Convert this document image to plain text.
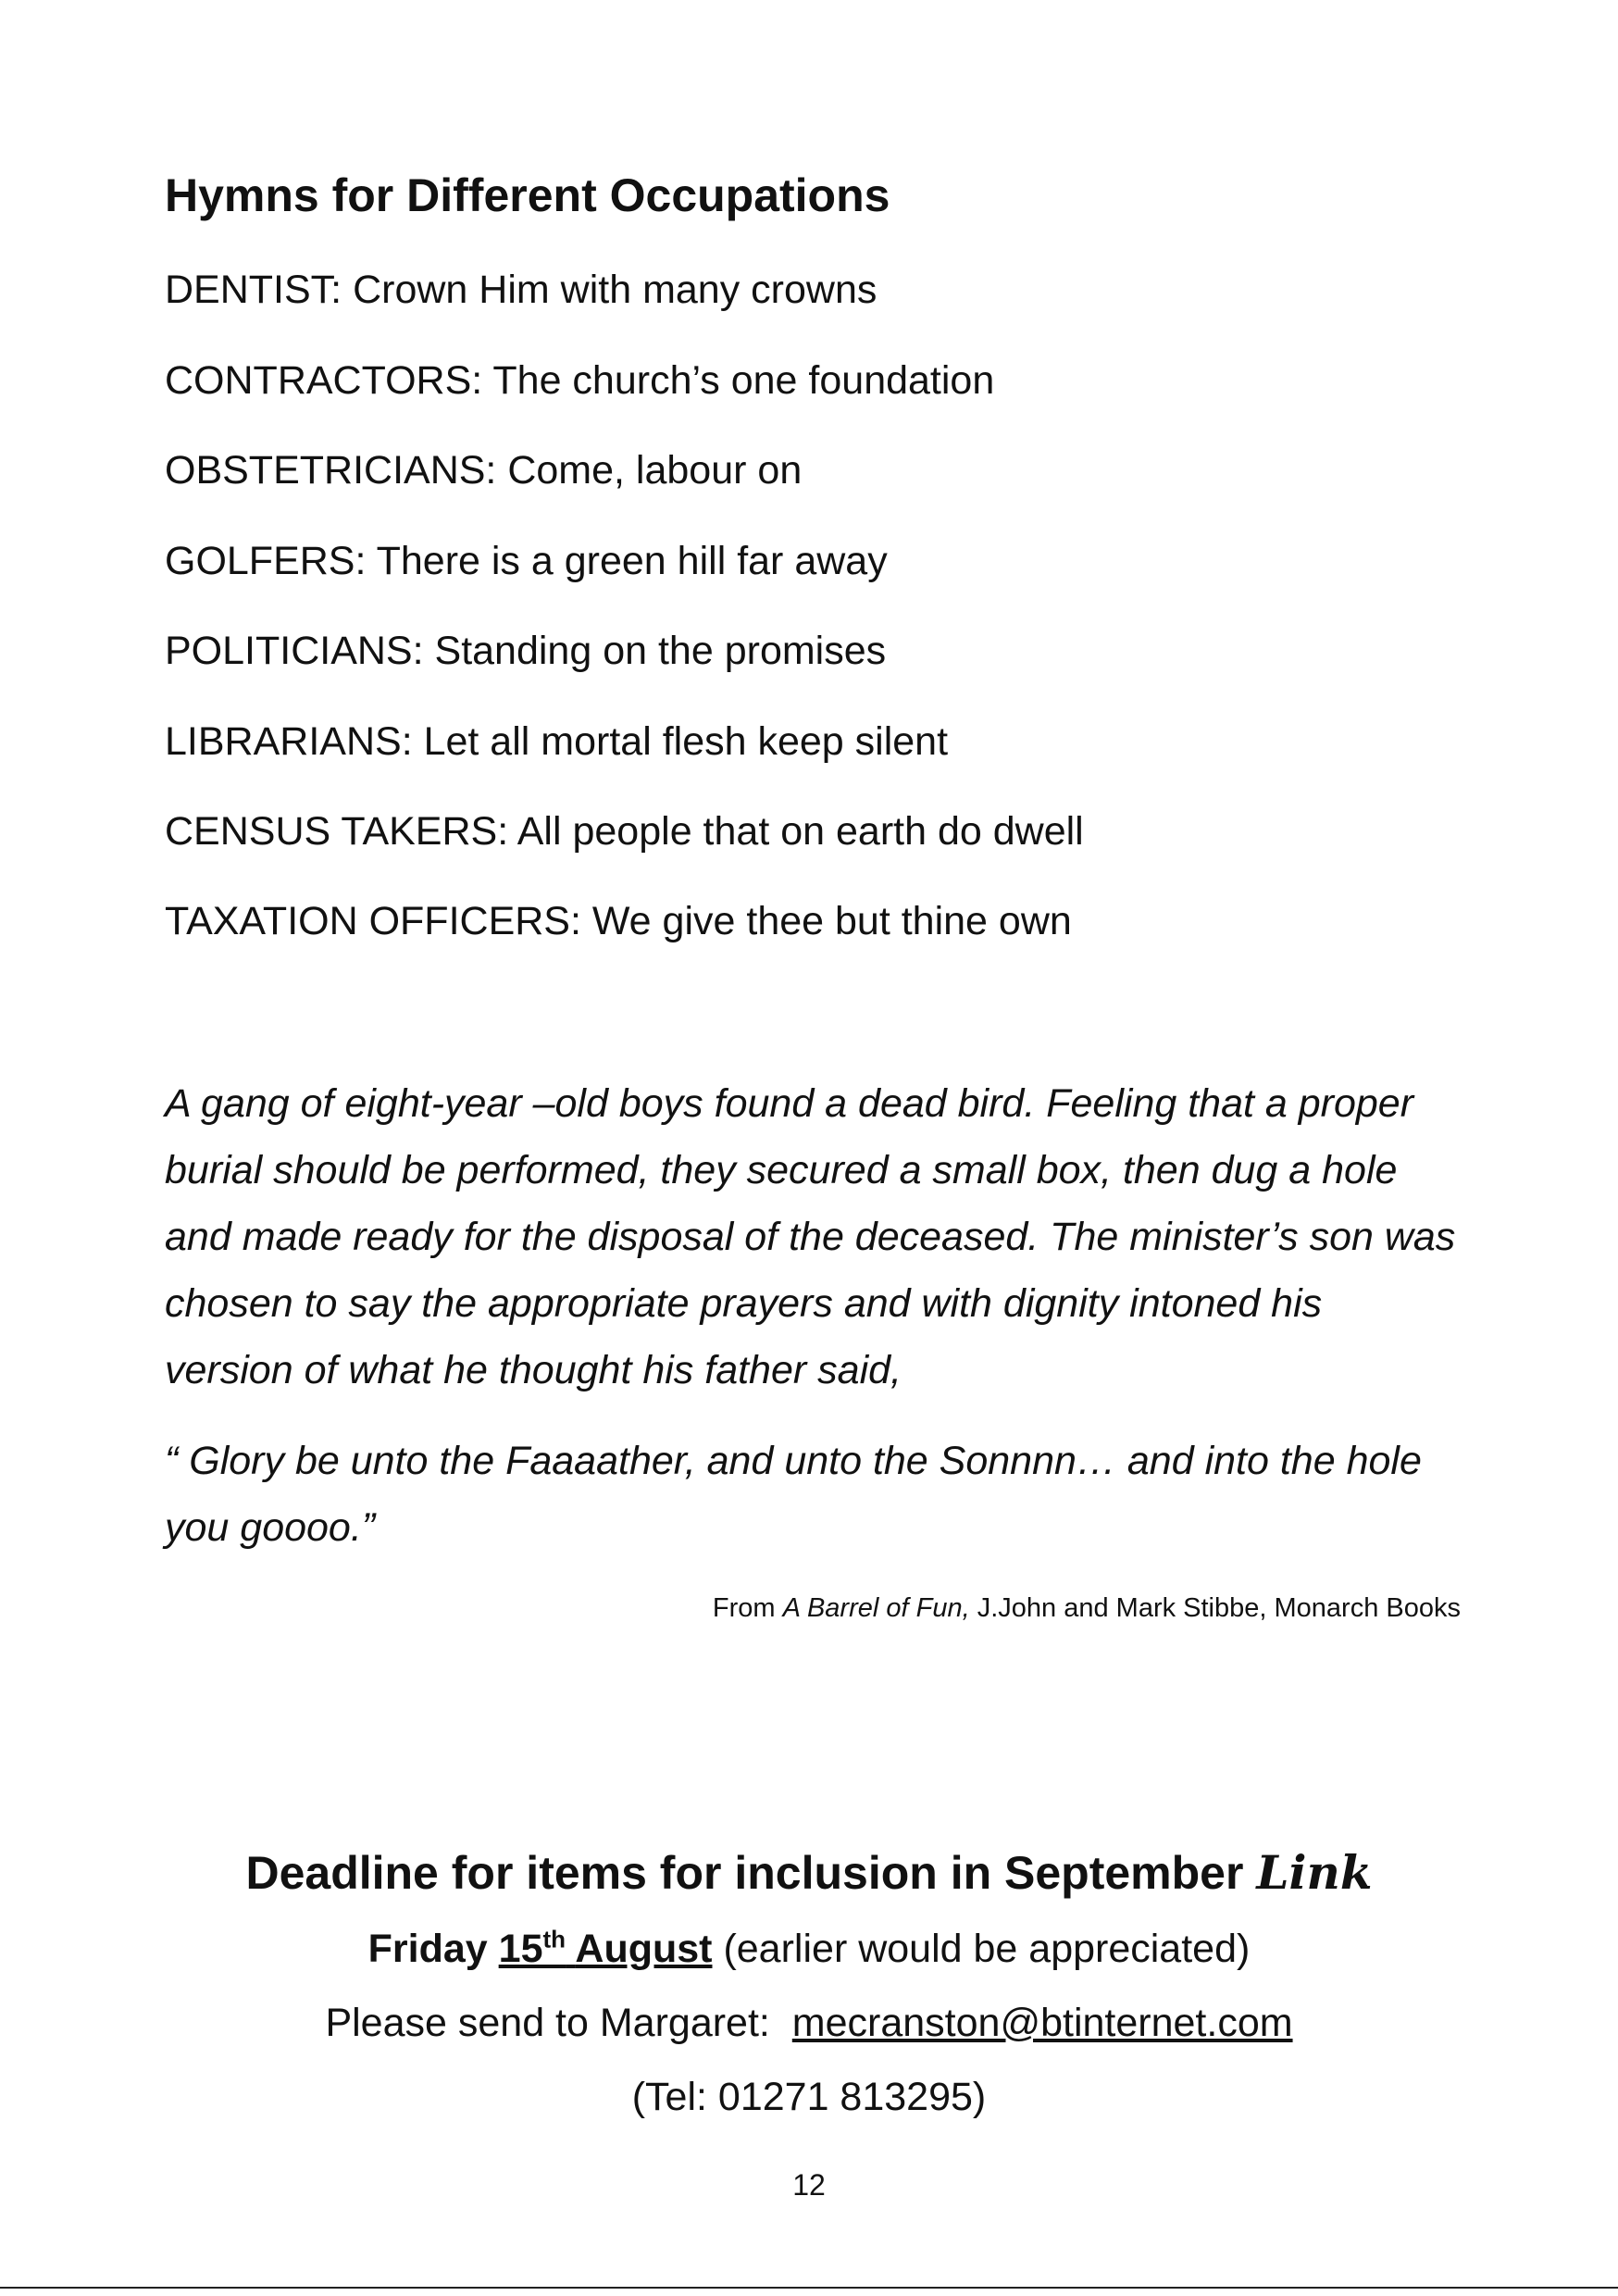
Hymns for Different Occupations
DENTIST: Crown Him with many crowns
CONTRACTORS: The church’s one foundation
OBSTETRICIANS: Come, labour on
GOLFERS: There is a green hill far away
POLITICIANS: Standing on the promises
LIBRARIANS: Let all mortal flesh keep silent
CENSUS TAKERS: All people that on earth do dwell
TAXATION OFFICERS: We give thee but thine own
A gang of eight-year –old boys found a dead bird. Feeling that a proper burial should be performed, they secured a small box, then dug a hole and made ready for the disposal of the deceased. The minister’s son was chosen to say the appropriate prayers and with dignity intoned his version of what he thought his father said,
“ Glory be unto the Faaaather, and unto the Sonnnn… and into the hole you goooo.”
From A Barrel of Fun, J.John and Mark Stibbe, Monarch Books
Deadline for items for inclusion in September Link
Friday 15th August (earlier would be appreciated)
Please send to Margaret: mecranston@btinternet.com
(Tel: 01271 813295)
12
